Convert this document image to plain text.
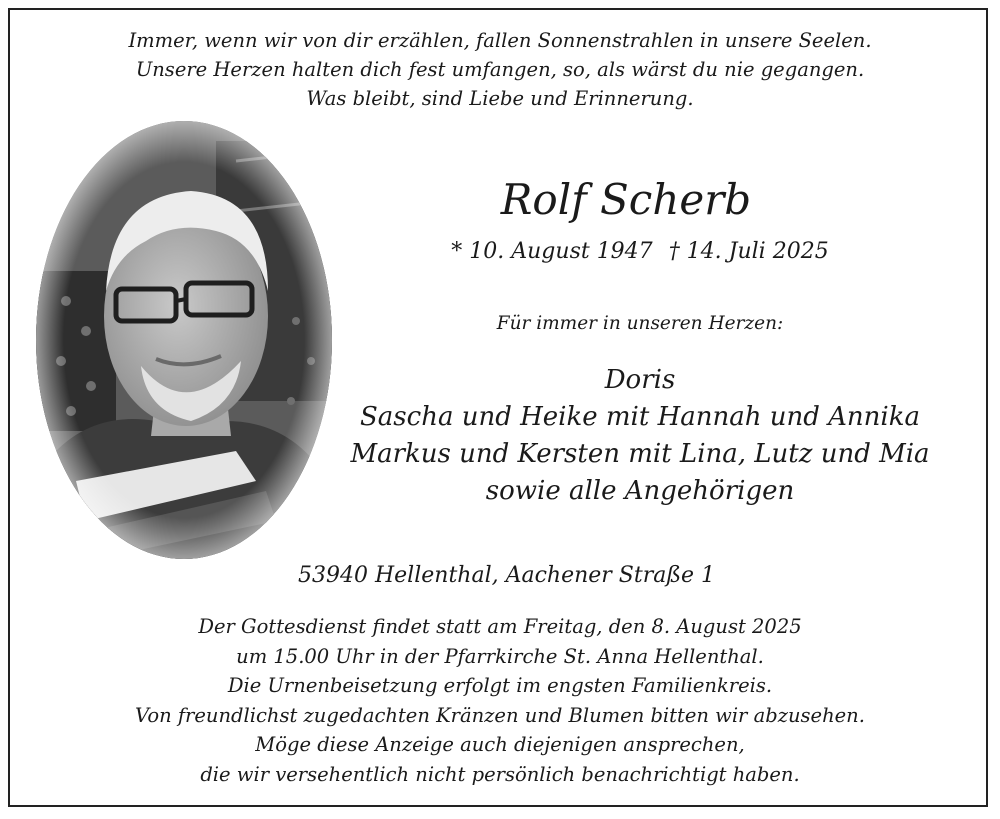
Immer, wenn wir von dir erzählen, fallen Sonnenstrahlen in unsere Seelen.
Unsere Herzen halten dich fest umfangen, so, als wärst du nie gegangen.
Was bleibt, sind Liebe und Erinnerung.
Rolf Scherb
* 10. August 1947 † 14. Juli 2025
Für immer in unseren Herzen:
Doris
Sascha und Heike mit Hannah und Annika
Markus und Kersten mit Lina, Lutz und Mia
sowie alle Angehörigen
53940 Hellenthal, Aachener Straße 1
Der Gottesdienst findet statt am Freitag, den 8. August 2025
um 15.00 Uhr in der Pfarrkirche St. Anna Hellenthal.
Die Urnenbeisetzung erfolgt im engsten Familienkreis.
Von freundlichst zugedachten Kränzen und Blumen bitten wir abzusehen.
Möge diese Anzeige auch diejenigen ansprechen,
die wir versehentlich nicht persönlich benachrichtigt haben.
